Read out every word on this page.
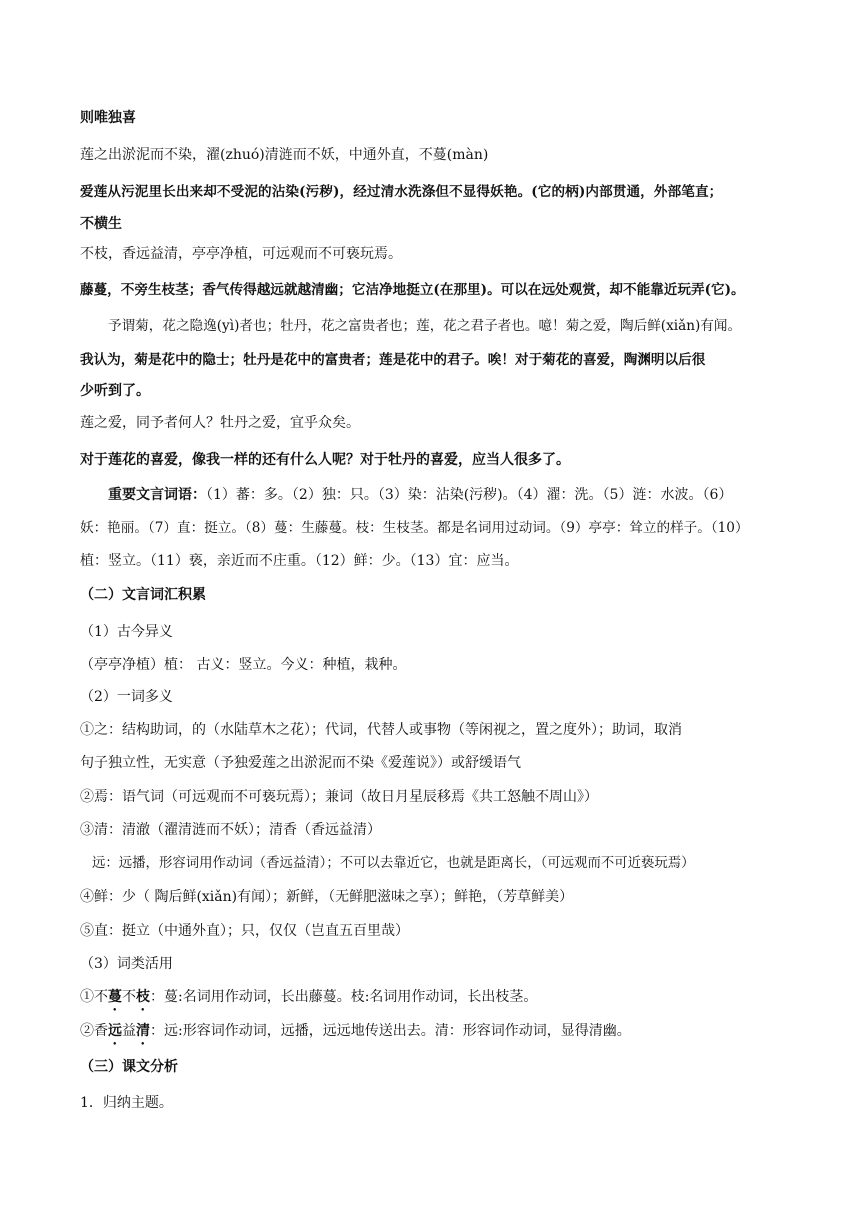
则唯独喜

莲之出淤泥而不染，濯(zhuó)清涟而不妖，中通外直，不蔓(màn)

爱莲从污泥里长出来却不受泥的沾染(污秽)，经过清水洗涤但不显得妖艳。(它的柄)内部贯通，外部笔直；

不横生

不枝，香远益清，亭亭净植，可远观而不可亵玩焉。

藤蔓，不旁生枝茎；香气传得越远就越清幽；它洁净地挺立(在那里)。可以在远处观赏，却不能靠近玩弄(它)。

予谓菊，花之隐逸(yì)者也；牡丹，花之富贵者也；莲，花之君子者也。噫！菊之爱，陶后鲜(xiǎn)有闻。

我认为，菊是花中的隐士；牡丹是花中的富贵者；莲是花中的君子。唉！对于菊花的喜爱，陶渊明以后很

少听到了。

莲之爱，同予者何人？牡丹之爱，宜乎众矣。

对于莲花的喜爱，像我一样的还有什么人呢？对于牡丹的喜爱，应当人很多了。

重要文言词语：（1）蕃：多。（2）独：只。（3）染：沾染(污秽)。（4）濯：洗。（5）涟：水波。（6）

妖：艳丽。（7）直：挺立。（8）蔓：生藤蔓。枝：生枝茎。都是名词用过动词。（9）亭亭：耸立的样子。（10）

植：竖立。（11）亵，亲近而不庄重。（12）鲜：少。（13）宜：应当。

（二）文言词汇积累

（1）古今异义

（亭亭净植）植： 古义：竖立。今义：种植，栽种。

（2）一词多义

①之：结构助词，的（水陆草木之花）；代词，代替人或事物（等闲视之，置之度外）；助词，取消

句子独立性，无实意（予独爱莲之出淤泥而不染《爱莲说》）或舒缓语气

②焉：语气词（可远观而不可亵玩焉）；兼词（故日月星辰移焉《共工怒触不周山》）

③清：清澈（濯清涟而不妖）；清香（香远益清）

远：远播，形容词用作动词（香远益清）；不可以去靠近它，也就是距离长，（可远观而不可近亵玩焉）

④鲜：少（ 陶后鲜(xiǎn)有闻）；新鲜，（无鲜肥滋味之享）；鲜艳，（芳草鲜美）

⑤直：挺立（中通外直）；只，仅仅（岂直五百里哉）

（3）词类活用

①不蔓不枝：蔓:名词用作动词，长出藤蔓。枝:名词用作动词，长出枝茎。

②香远益清：远:形容词作动词，远播，远远地传送出去。清：形容词作动词，显得清幽。

（三）课文分析

1．归纳主题。
